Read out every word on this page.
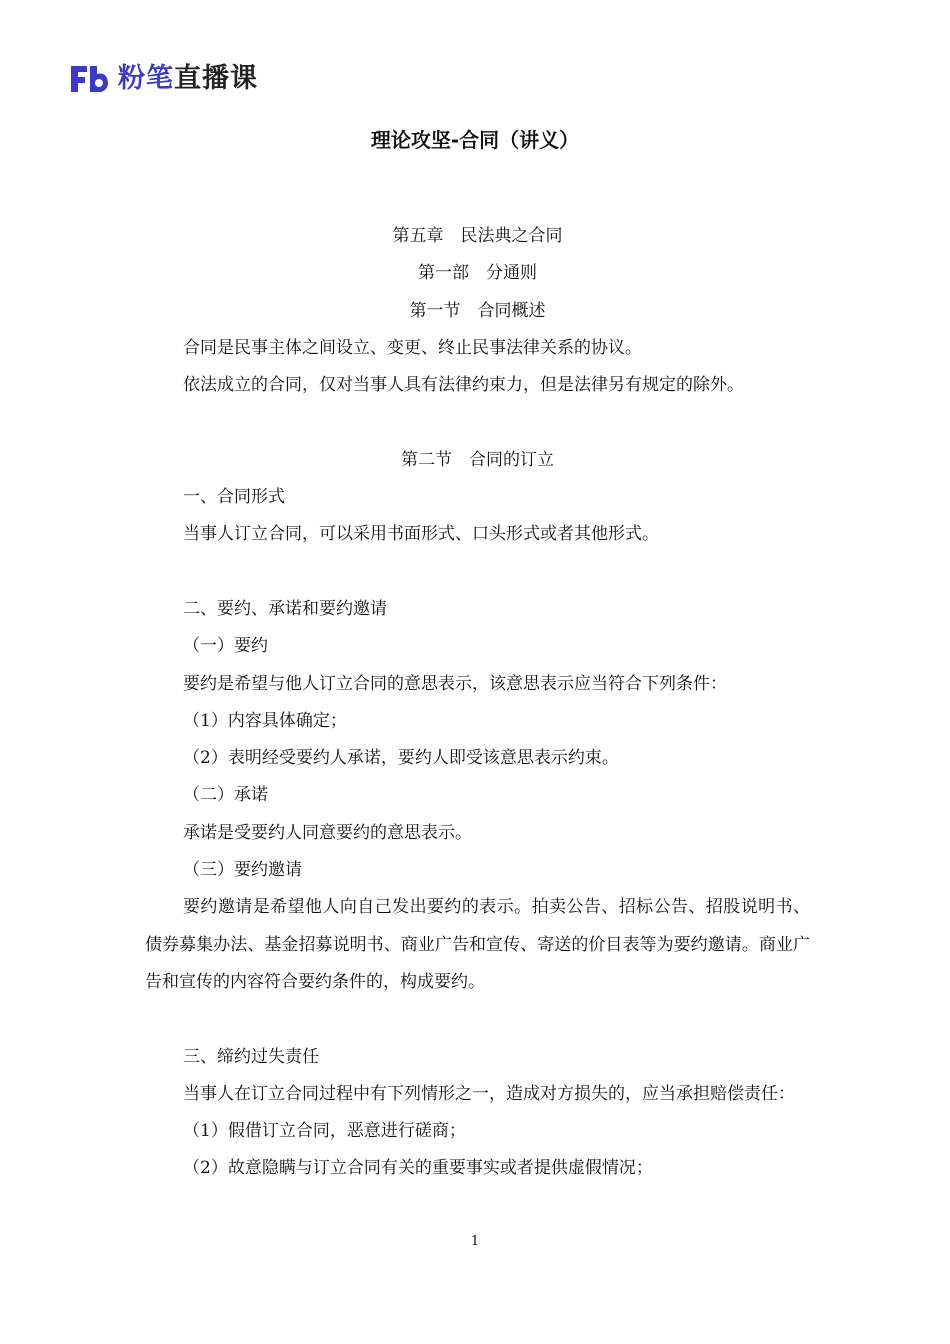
粉笔直播课
理论攻坚-合同（讲义）

第五章　民法典之合同

第一部　分通则

第一节　合同概述

合同是民事主体之间设立、变更、终止民事法律关系的协议。

依法成立的合同，仅对当事人具有法律约束力，但是法律另有规定的除外。

第二节　合同的订立

一、合同形式

当事人订立合同，可以采用书面形式、口头形式或者其他形式。

二、要约、承诺和要约邀请

（一）要约

要约是希望与他人订立合同的意思表示，该意思表示应当符合下列条件：

（1）内容具体确定；

（2）表明经受要约人承诺，要约人即受该意思表示约束。

（二）承诺

承诺是受要约人同意要约的意思表示。

（三）要约邀请

要约邀请是希望他人向自己发出要约的表示。拍卖公告、招标公告、招股说明书、债券募集办法、基金招募说明书、商业广告和宣传、寄送的价目表等为要约邀请。商业广告和宣传的内容符合要约条件的，构成要约。

三、缔约过失责任

当事人在订立合同过程中有下列情形之一，造成对方损失的，应当承担赔偿责任：

（1）假借订立合同，恶意进行磋商；

（2）故意隐瞒与订立合同有关的重要事实或者提供虚假情况；

1
